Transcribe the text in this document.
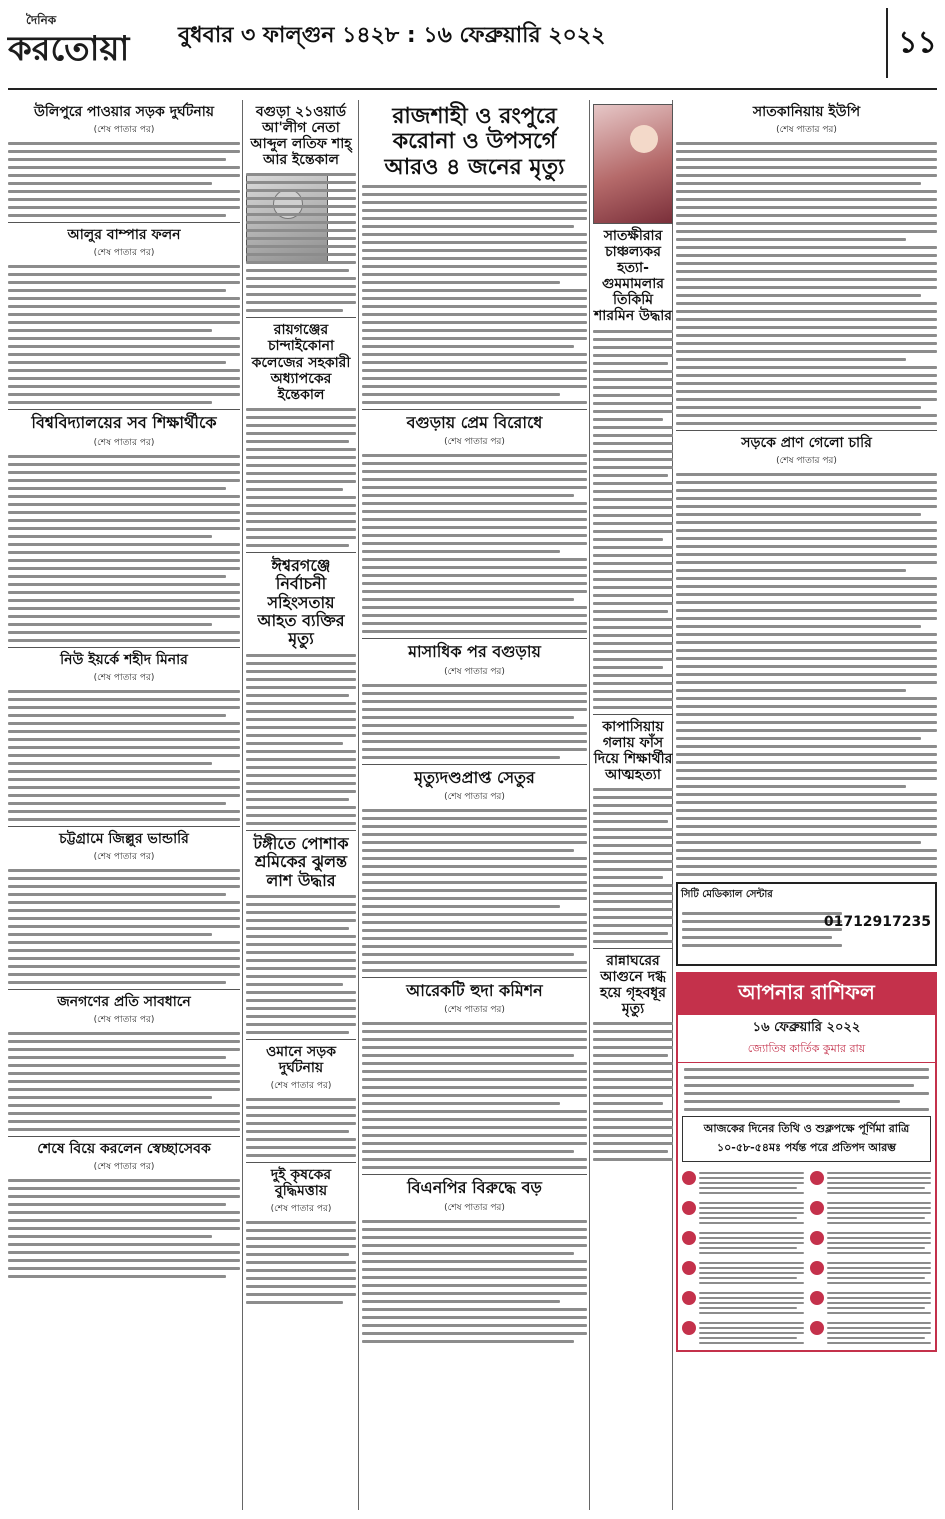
দৈনিক
করতোয়া	বুধবার ৩ ফাল্গুন ১৪২৮ : ১৬ ফেব্রুয়ারি ২০২২	১১
উলিপুরে পাওয়ার সড়ক দুর্ঘটনায়
(শেষ পাতার পর)
আলুর বাম্পার ফলন
(শেষ পাতার পর)
বিশ্ববিদ্যালয়ের সব শিক্ষার্থীকে
(শেষ পাতার পর)
নিউ ইয়র্কে শহীদ মিনার
(শেষ পাতার পর)
চট্টগ্রামে জিল্লুর ভান্ডারি
(শেষ পাতার পর)
জনগণের প্রতি সাবধানে
(শেষ পাতার পর)
শেষে বিয়ে করলেন স্বেচ্ছাসেবক
(শেষ পাতার পর)
বগুড়া ২১ওয়ার্ড আ'লীগ নেতা আব্দুল লতিফ শাহ্ আর ইন্তেকাল
রায়গঞ্জের চান্দাইকোনা কলেজের সহকারী অধ্যাপকের ইন্তেকাল
ঈশ্বরগঞ্জে নির্বাচনী সহিংসতায় আহত ব্যক্তির মৃত্যু
টঙ্গীতে পোশাক শ্রমিকের ঝুলন্ত লাশ উদ্ধার
ওমানে সড়ক দুর্ঘটনায়
(শেষ পাতার পর)
দুই কৃষকের বুদ্ধিমত্তায়
(শেষ পাতার পর)
রাজশাহী ও রংপুরে করোনা ও উপসর্গে আরও ৪ জনের মৃত্যু
বগুড়ায় প্রেম বিরোধে
(শেষ পাতার পর)
মাসাধিক পর বগুড়ায়
(শেষ পাতার পর)
মৃত্যুদণ্ডপ্রাপ্ত সেতুর
(শেষ পাতার পর)
আরেকটি হুদা কমিশন
(শেষ পাতার পর)
বিএনপির বিরুদ্ধে বড়
(শেষ পাতার পর)
সাতক্ষীরার চাঞ্চল্যকর হত্যা-গুমমামলার তিকিমি শারমিন উদ্ধার
কাপাসিয়ায় গলায় ফাঁস দিয়ে শিক্ষার্থীর আত্মহত্যা
রান্নাঘরের আগুনে দগ্ধ হয়ে গৃহবধূর মৃত্যু
সাতকানিয়ায় ইউপি
(শেষ পাতার পর)
সড়কে প্রাণ গেলো চারি
(শেষ পাতার পর)
সিটি মেডিক্যাল সেন্টার
01712917235
আপনার রাশিফল
১৬ ফেব্রুয়ারি ২০২২
জ্যোতিষ কার্তিক কুমার রায়
আজকের দিনের তিথি ও শুক্লপক্ষে পূর্ণিমা রাত্রি ১০-৫৮-৫৪মঃ পর্যন্ত পরে প্রতিপদ আরম্ভ
